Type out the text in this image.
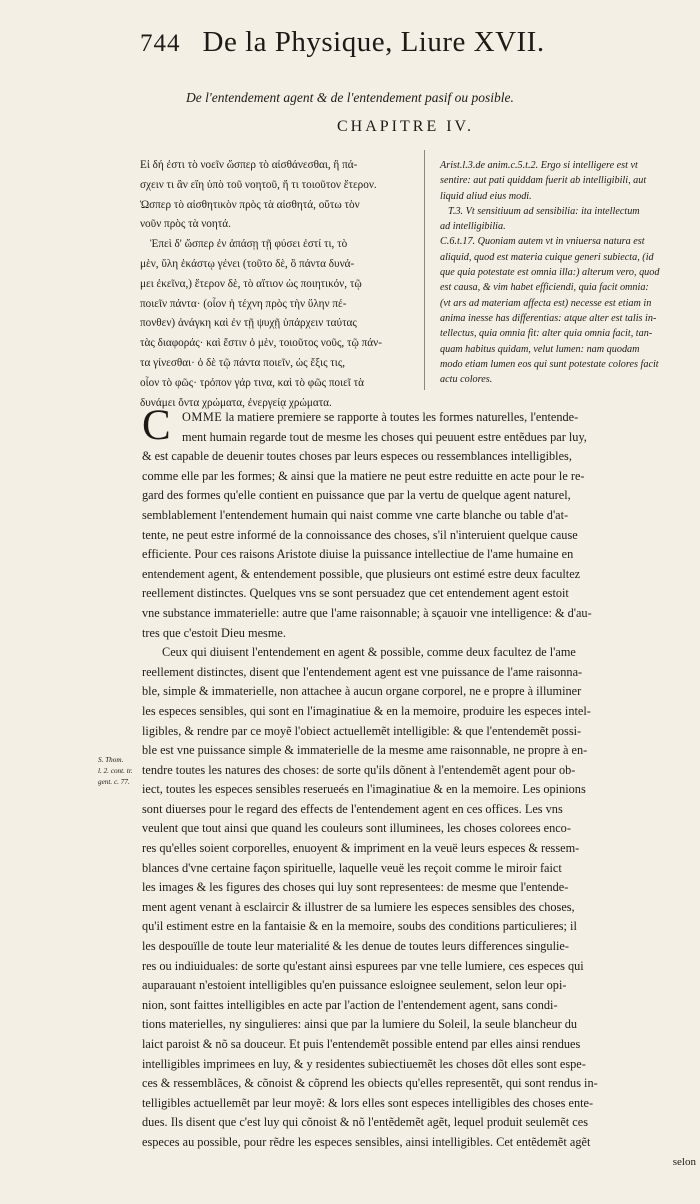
744 De la Physique, Liure XVII.
De l'entendement agent & de l'entendement pasif ou posible.
CHAPITRE IV.

Εἰ δή ἐστι τὸ νοεῖν ὥσπερ τὸ αἰσθάνεσθαι, ἢ πά-

σχειν τι ἂν εἴη ὑπὸ τοῦ νοητοῦ, ἤ τι τοιοῦτον ἕτερον.

Ὡσπερ τὸ αἰσθητικὸν πρὸς τὰ αἰσθητά, οὕτω τὸν

νοῦν πρὸς τὰ νοητά.

Ἐπεὶ δ' ὥσπερ ἐν ἁπάσῃ τῇ φύσει ἐστί τι, τὸ

μὲν, ὕλη ἑκάστῳ γένει (τοῦτο δὲ, ὃ πάντα δυνά-

μει ἐκεῖνα,) ἕτερον δὲ, τὸ αἴτιον ὡς ποιητικόν, τῷ

ποιεῖν πάντα· (οἷον ἡ τέχνη πρὸς τὴν ὕλην πέ-

πονθεν) ἀνάγκη καὶ ἐν τῇ ψυχῇ ὑπάρχειν ταύτας

τὰς διαφοράς· καὶ ἔστιν ὁ μὲν, τοιοῦτος νοῦς, τῷ πάν-

τα γίνεσθαι· ὁ δὲ τῷ πάντα ποιεῖν, ὡς ἕξις τις,

οἷον τὸ φῶς· τρόπον γάρ τινα, καὶ τὸ φῶς ποιεῖ τὰ

δυνάμει ὄντα χρώματα, ἐνεργείᾳ χρώματα.

Arist.l.3.de anim.c.5.t.2. Ergo si intelligere est vt

sentire: aut pati quiddam fuerit ab intelligibili, aut

liquid aliud eius modi.

T.3. Vt sensitiuum ad sensibilia: ita intellectum

ad intelligibilia.

C.6.t.17. Quoniam autem vt in vniuersa natura est

aliquid, quod est materia cuique generi subiecta, (id

que quia potestate est omnia illa:) alterum vero, quod

est causa, & vim habet efficiendi, quia facit omnia:

(vt ars ad materiam affecta est) necesse est etiam in

anima inesse has differentias: atque alter est talis in-

tellectus, quia omnia fit: alter quia omnia facit, tan-

quam habitus quidam, velut lumen: nam quodam

modo etiam lumen eos qui sunt potestate colores facit

actu colores.

C OMME la matiere premiere se rapporte à toutes les formes naturelles, l'entende-

ment humain regarde tout de mesme les choses qui peuuent estre entẽdues par luy,

& est capable de deuenir toutes choses par leurs especes ou ressemblances intelligibles,

comme elle par les formes; & ainsi que la matiere ne peut estre reduitte en acte pour le re-

gard des formes qu'elle contient en puissance que par la vertu de quelque agent naturel,

semblablement l'entendement humain qui naist comme vne carte blanche ou table d'at-

tente, ne peut estre informé de la connoissance des choses, s'il n'interuient quelque cause

efficiente. Pour ces raisons Aristote diuise la puissance intellectiue de l'ame humaine en

entendement agent, & entendement possible, que plusieurs ont estimé estre deux facultez

reellement distinctes. Quelques vns se sont persuadez que cet entendement agent estoit

vne substance immaterielle: autre que l'ame raisonnable; à sçauoir vne intelligence: & d'au-

tres que c'estoit Dieu mesme.

Ceux qui diuisent l'entendement en agent & possible, comme deux facultez de l'ame

reellement distinctes, disent que l'entendement agent est vne puissance de l'ame raisonna-

ble, simple & immaterielle, non attachee à aucun organe corporel, ne e propre à illuminer

les especes sensibles, qui sont en l'imaginatiue & en la memoire, produire les especes intel-

ligibles, & rendre par ce moyẽ l'obiect actuellemẽt intelligible: & que l'entendemẽt possi-

ble est vne puissance simple & immaterielle de la mesme ame raisonnable, ne propre à en-

tendre toutes les natures des choses: de sorte qu'ils dõnent à l'entendemẽt agent pour ob-

iect, toutes les especes sensibles reserueés en l'imaginatiue & en la memoire. Les opinions

sont diuerses pour le regard des effects de l'entendement agent en ces offices. Les vns

veulent que tout ainsi que quand les couleurs sont illuminees, les choses colorees enco-

res qu'elles soient corporelles, enuoyent & impriment en la veuë leurs especes & ressem-

blances d'vne certaine façon spirituelle, laquelle veuë les reçoit comme le miroir faict

les images & les figures des choses qui luy sont representees: de mesme que l'entende-

ment agent venant à esclaircir & illustrer de sa lumiere les especes sensibles des choses,

qu'il estiment estre en la fantaisie & en la memoire, soubs des conditions particulieres; il

les despouïlle de toute leur materialité & les denue de toutes leurs differences singulie-

res ou indiuiduales: de sorte qu'estant ainsi espurees par vne telle lumiere, ces especes qui

auparauant n'estoient intelligibles qu'en puissance esloignee seulement, selon leur opi-

nion, sont faittes intelligibles en acte par l'action de l'entendement agent, sans condi-

tions materielles, ny singulieres: ainsi que par la lumiere du Soleil, la seule blancheur du

laict paroist & nõ sa douceur. Et puis l'entendemẽt possible entend par elles ainsi rendues

intelligibles imprimees en luy, & y residentes subiectiuemẽt les choses dõt elles sont espe-

ces & ressemblãces, & cõnoist & cõprend les obiects qu'elles representẽt, qui sont rendus in-

telligibles actuellemẽt par leur moyẽ: & lors elles sont especes intelligibles des choses ente-

dues. Ils disent que c'est luy qui cõnoist & nõ l'entẽdemẽt agẽt, lequel produit seulemẽt ces

especes au possible, pour rẽdre les especes sensibles, ainsi intelligibles. Cet entẽdemẽt agẽt

selon

S. Thom.
l. 2. cont. tr.
gent. c. 77.
